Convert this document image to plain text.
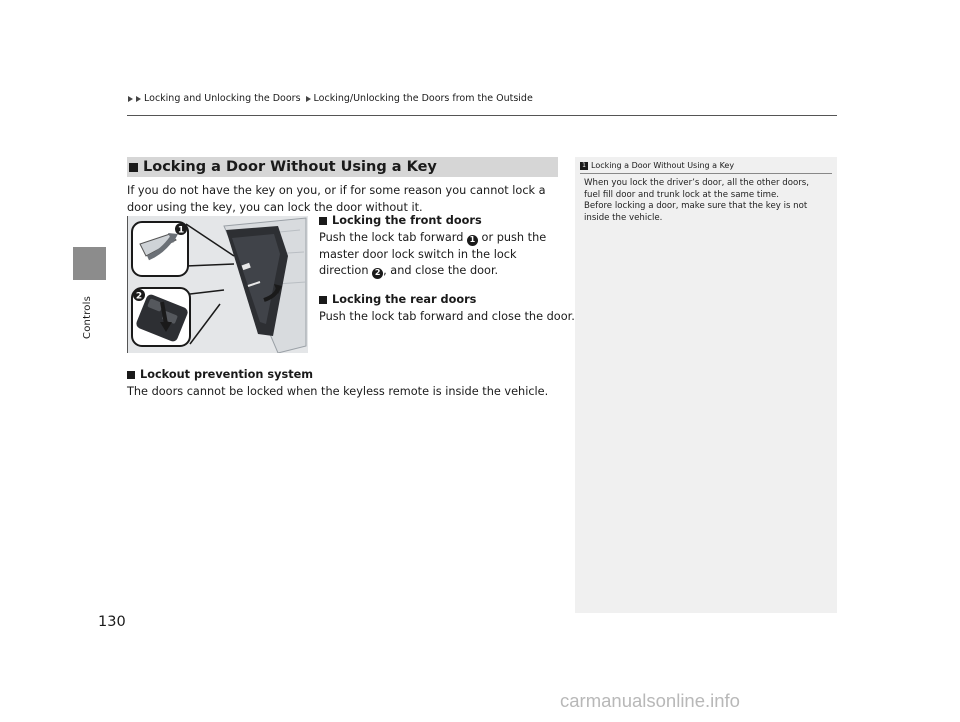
Locking and Unlocking the Doors Locking/Unlocking the Doors from the Outside
Controls
130
Locking a Door Without Using a Key
If you do not have the key on you, or if for some reason you cannot lock a door using the key, you can lock the door without it.
1
2
Locking the front doors
Push the lock tab forward 1 or push the master door lock switch in the lock direction 2 , and close the door.
Locking the rear doors
Push the lock tab forward and close the door.
Lockout prevention system
The doors cannot be locked when the keyless remote is inside the vehicle.
1 Locking a Door Without Using a Key
When you lock the driver’s door, all the other doors,
fuel fill door and trunk lock at the same time.
Before locking a door, make sure that the key is not
inside the vehicle.
carmanualsonline.info
